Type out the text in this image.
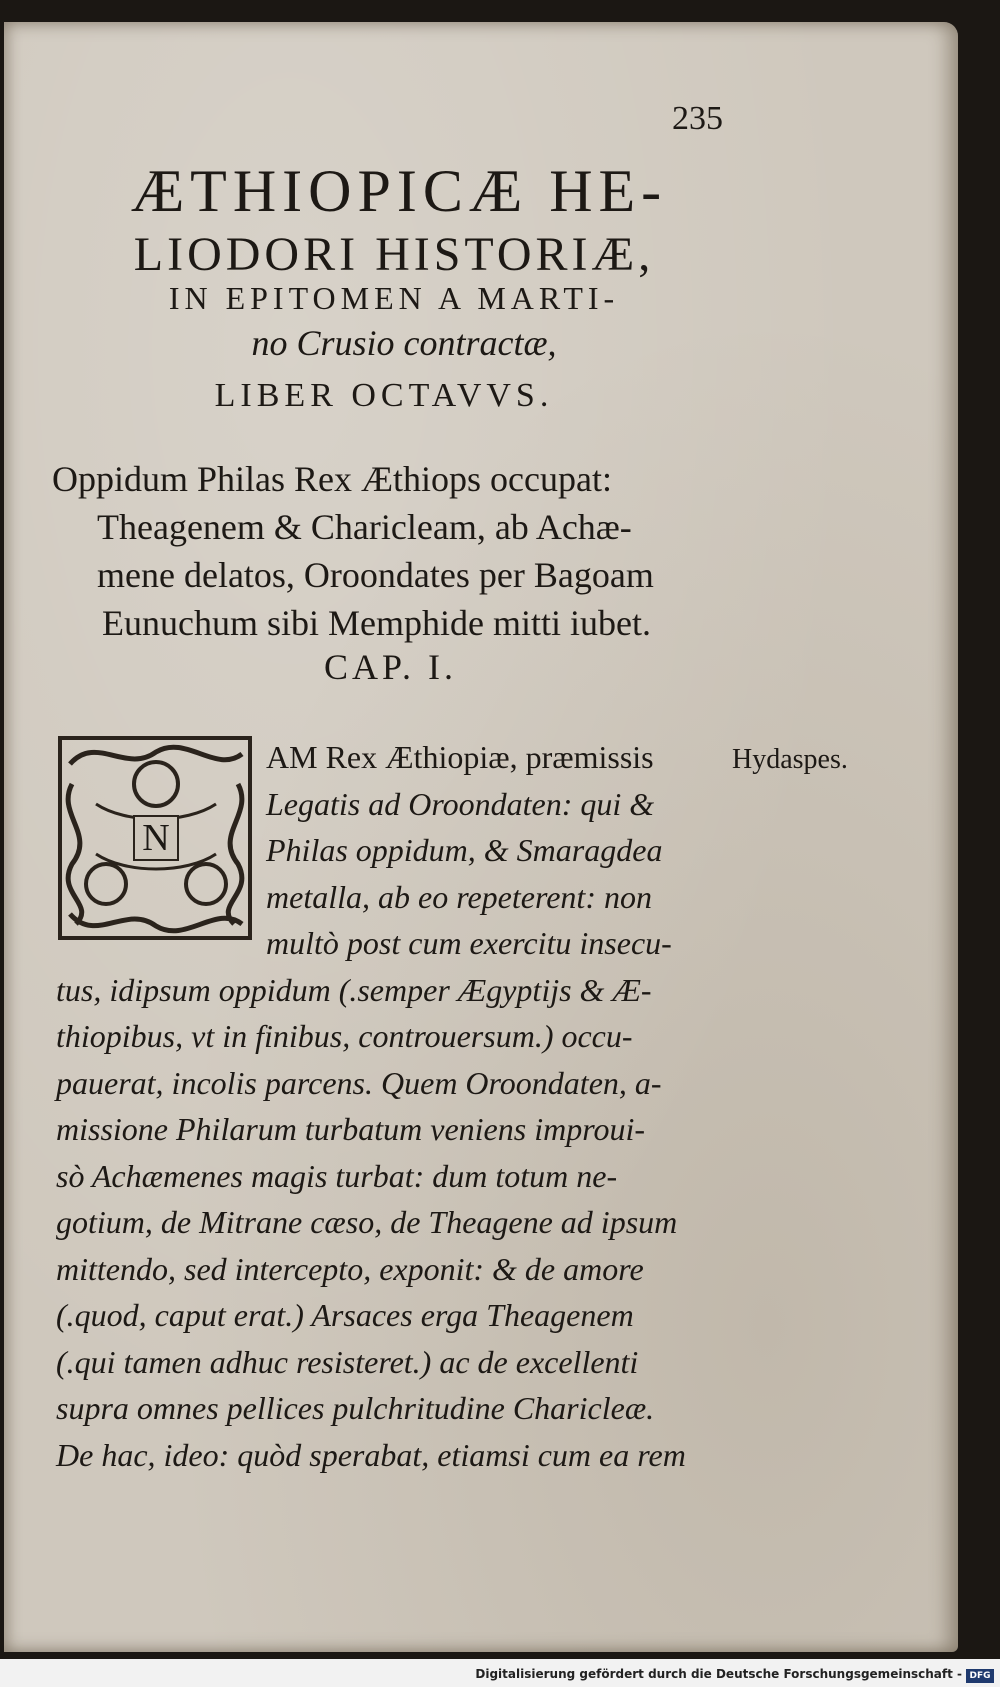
235
ÆTHIOPICÆ HE-
LIODORI HISTORIÆ,
IN EPITOMEN A MARTI-
no Crusio contractæ,
LIBER OCTAVVS.
Oppidum Philas Rex Æthiops occupat:
Theagenem & Charicleam, ab Achæ-
mene delatos, Oroondates per Bagoam
Eunuchum sibi Memphide mitti iubet.
CAP. I.
N
AM Rex Æthiopiæ, præmissis
Legatis ad Oroondaten: qui &
Philas oppidum, & Smaragdea
metalla, ab eo repeterent: non
multò post cum exercitu insecu-
tus, idipsum oppidum (.semper Ægyptijs & Æ-
thiopibus, vt in finibus, controuersum.) occu-
pauerat, incolis parcens. Quem Oroondaten, a-
missione Philarum turbatum veniens improui-
sò Achæmenes magis turbat: dum totum ne-
gotium, de Mitrane cæso, de Theagene ad ipsum
mittendo, sed intercepto, exponit: & de amore
(.quod, caput erat.) Arsaces erga Theagenem
(.qui tamen adhuc resisteret.) ac de excellenti
supra omnes pellices pulchritudine Charicleæ.
De hac, ideo: quòd sperabat, etiamsi cum ea rem
Hydaspes.
Digitalisierung gefördert durch die Deutsche Forschungsgemeinschaft - DFG
